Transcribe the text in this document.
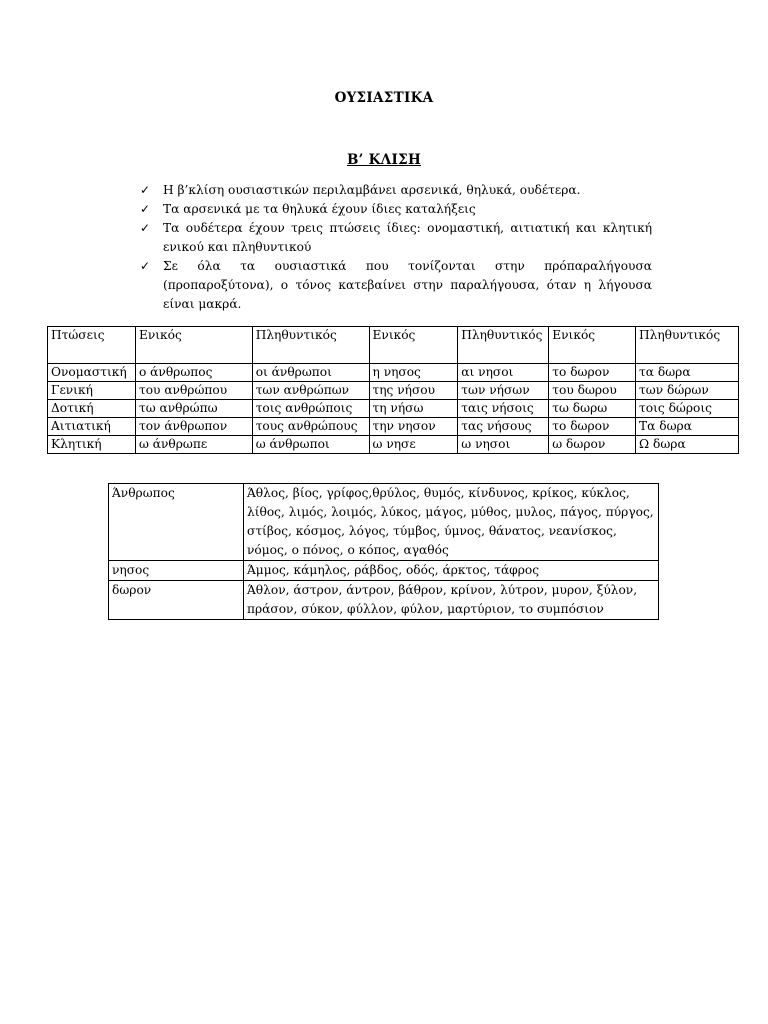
ΟΥΣΙΑΣΤΙΚΑ
Β’ ΚΛΙΣΗ
✓ Η β’κλίση ουσιαστικών περιλαμβάνει αρσενικά, θηλυκά, ουδέτερα.
✓ Τα αρσενικά με τα θηλυκά έχουν ίδιες καταλήξεις
✓ Τα ουδέτερα έχουν τρεις πτώσεις ίδιες: ονομαστική, αιτιατική και κλητική ενικού και πληθυντικού
✓ Σε όλα τα ουσιαστικά που τονίζονται στην πρόπαραλήγουσα (προπαροξύτονα), ο τόνος κατεβαίνει στην παραλήγουσα, όταν η λήγουσα είναι μακρά.
Πτώσεις	Ενικός	Πληθυντικός	Ενικός	Πληθυντικός	Ενικός	Πληθυντικός
Ονομαστική	ο άνθρωπος	οι άνθρωποι	η νησος	αι νησοι	το δωρον	τα δωρα
Γενική	του ανθρώπου	των ανθρώπων	της νήσου	των νήσων	του δωρου	των δώρων
Δοτική	τω ανθρώπω	τοις ανθρώποις	τη νήσω	ταις νήσοις	τω δωρω	τοις δώροις
Αιτιατική	τον άνθρωπον	τους ανθρώπους	την νησον	τας νήσους	το δωρον	Τα δωρα
Κλητική	ω άνθρωπε	ω άνθρωποι	ω νησε	ω νησοι	ω δωρον	Ω δωρα
Άνθρωπος	Άθλος, βίος, γρίφος,θρύλος, θυμός, κίνδυνος, κρίκος, κύκλος, λίθος, λιμός, λοιμός, λύκος, μάγος, μύθος, μυλος, πάγος, πύργος, στίβος, κόσμος, λόγος, τύμβος, ύμνος, θάνατος, νεανίσκος, νόμος, ο πόνος, ο κόπος, αγαθός
νησος	Άμμος, κάμηλος, ράβδος, οδός, άρκτος, τάφρος
δωρον	Άθλον, άστρον, άντρον, βάθρον, κρίνον, λύτρον, μυρον, ξύλον, πράσον, σύκον, φύλλον, φύλον, μαρτύριον, το συμπόσιον
